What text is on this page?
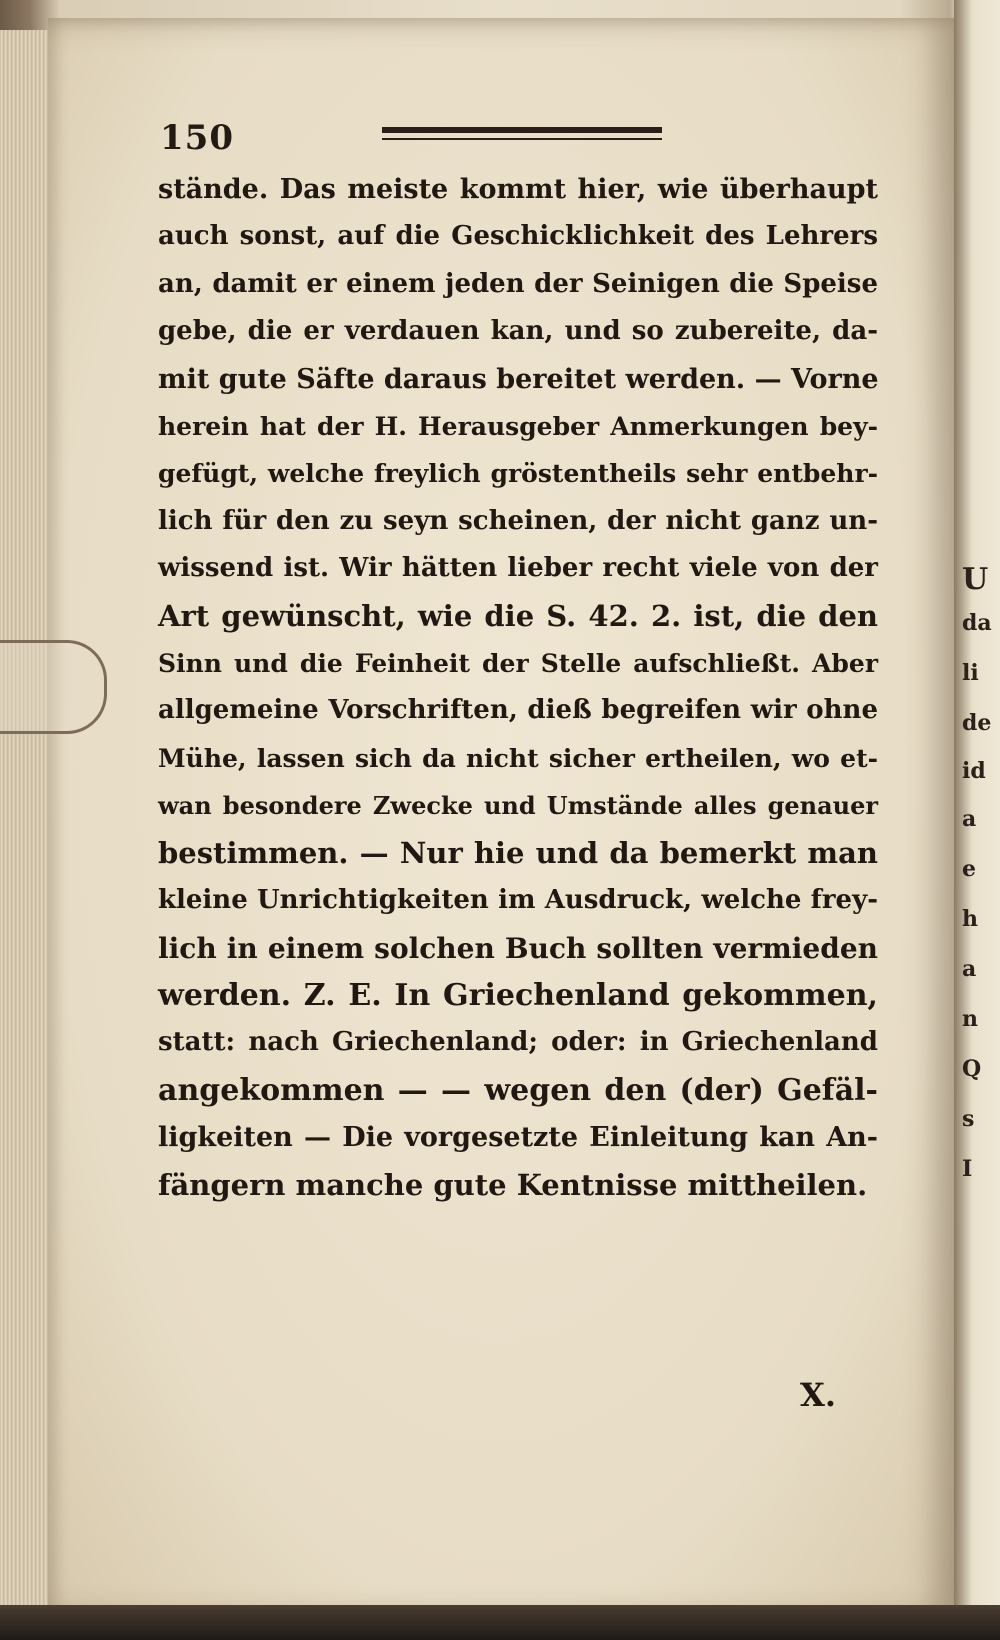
U
da
li
de
id
a
e
h
a
n
Q
s
I
150
stände. Das meiste kommt hier, wie überhaupt
auch sonst, auf die Geschicklichkeit des Lehrers
an, damit er einem jeden der Seinigen die Speise
gebe, die er verdauen kan, und so zubereite, da-
mit gute Säfte daraus bereitet werden. — Vorne
herein hat der H. Herausgeber Anmerkungen bey-
gefügt, welche freylich gröstentheils sehr entbehr-
lich für den zu seyn scheinen, der nicht ganz un-
wissend ist. Wir hätten lieber recht viele von der
Art gewünscht, wie die S. 42. 2. ist, die den
Sinn und die Feinheit der Stelle aufschließt. Aber
allgemeine Vorschriften, dieß begreifen wir ohne
Mühe, lassen sich da nicht sicher ertheilen, wo et-
wan besondere Zwecke und Umstände alles genauer
bestimmen. — Nur hie und da bemerkt man
kleine Unrichtigkeiten im Ausdruck, welche frey-
lich in einem solchen Buch sollten vermieden
werden. Z. E. In Griechenland gekommen,
statt: nach Griechenland; oder: in Griechenland
angekommen — — wegen den (der) Gefäl-
ligkeiten — Die vorgesetzte Einleitung kan An-
fängern manche gute Kentnisse mittheilen.
X.
